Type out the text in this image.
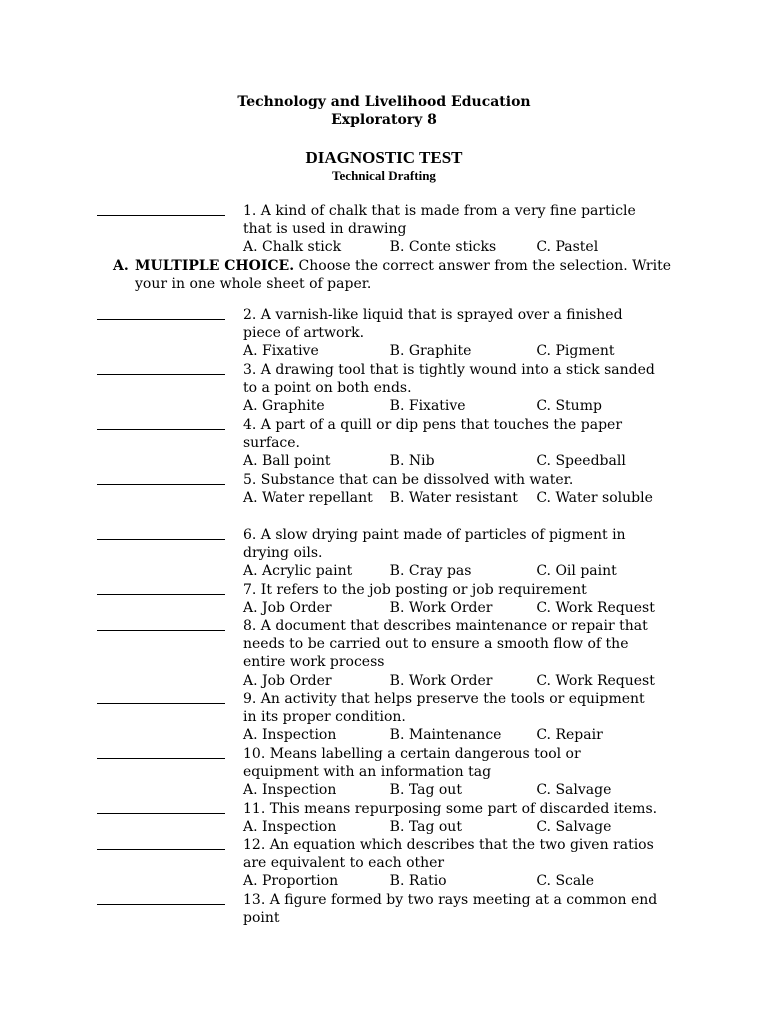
Technology and Livelihood Education
Exploratory 8
DIAGNOSTIC TEST
Technical Drafting
A. MULTIPLE CHOICE. Choose the correct answer from the selection. Write
your in one whole sheet of paper.
1. A kind of chalk that is made from a very fine particle
that is used in drawing
A. Chalk stick	B. Conte sticks	C. Pastel
2. A varnish-like liquid that is sprayed over a finished
piece of artwork.
A. Fixative	B. Graphite	C. Pigment
3. A drawing tool that is tightly wound into a stick sanded
to a point on both ends.
A. Graphite	B. Fixative	C. Stump
4. A part of a quill or dip pens that touches the paper
surface.
A. Ball point	B. Nib	C. Speedball
5. Substance that can be dissolved with water.
A. Water repellant	B. Water resistant	C. Water soluble
6. A slow drying paint made of particles of pigment in
drying oils.
A. Acrylic paint	B. Cray pas	C. Oil paint
7. It refers to the job posting or job requirement
A. Job Order	B. Work Order	C. Work Request
8. A document that describes maintenance or repair that
needs to be carried out to ensure a smooth flow of the
entire work process
A. Job Order	B. Work Order	C. Work Request
9. An activity that helps preserve the tools or equipment
in its proper condition.
A. Inspection	B. Maintenance	C. Repair
10. Means labelling a certain dangerous tool or
equipment with an information tag
A. Inspection	B. Tag out	C. Salvage
11. This means repurposing some part of discarded items.
A. Inspection	B. Tag out	C. Salvage
12. An equation which describes that the two given ratios
are equivalent to each other
A. Proportion	B. Ratio	C. Scale
13. A figure formed by two rays meeting at a common end
point
